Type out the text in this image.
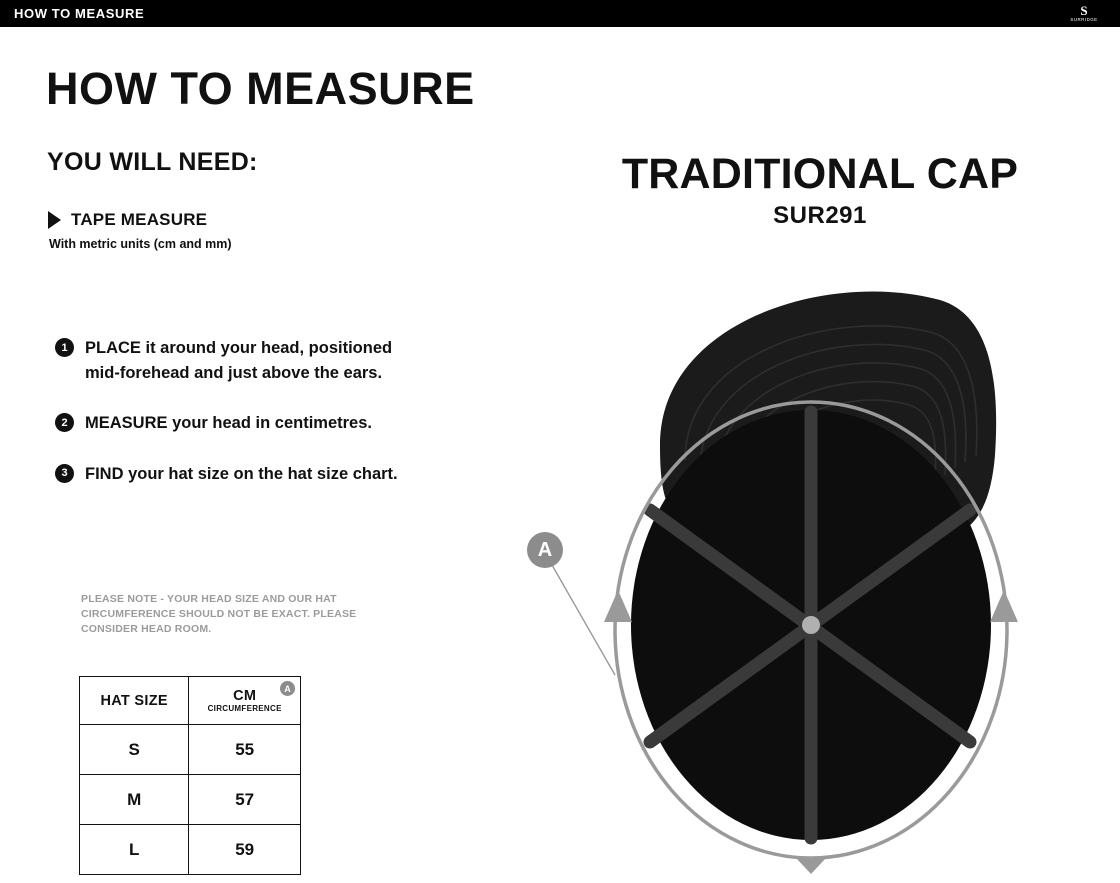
HOW TO MEASURE	S
SURRIDGE
HOW TO MEASURE
YOU WILL NEED:
TAPE MEASURE
With metric units (cm and mm)
1	PLACE it around your head, positioned mid-forehead and just above the ears.
2	MEASURE your head in centimetres.
3	FIND your hat size on the hat size chart.
PLEASE NOTE - YOUR HEAD SIZE AND OUR HAT CIRCUMFERENCE SHOULD NOT BE EXACT. PLEASE CONSIDER HEAD ROOM.
HAT SIZE	CM
CIRCUMFERENCE
A

S	55
M	57
L	59
TRADITIONAL CAP
SUR291
A
